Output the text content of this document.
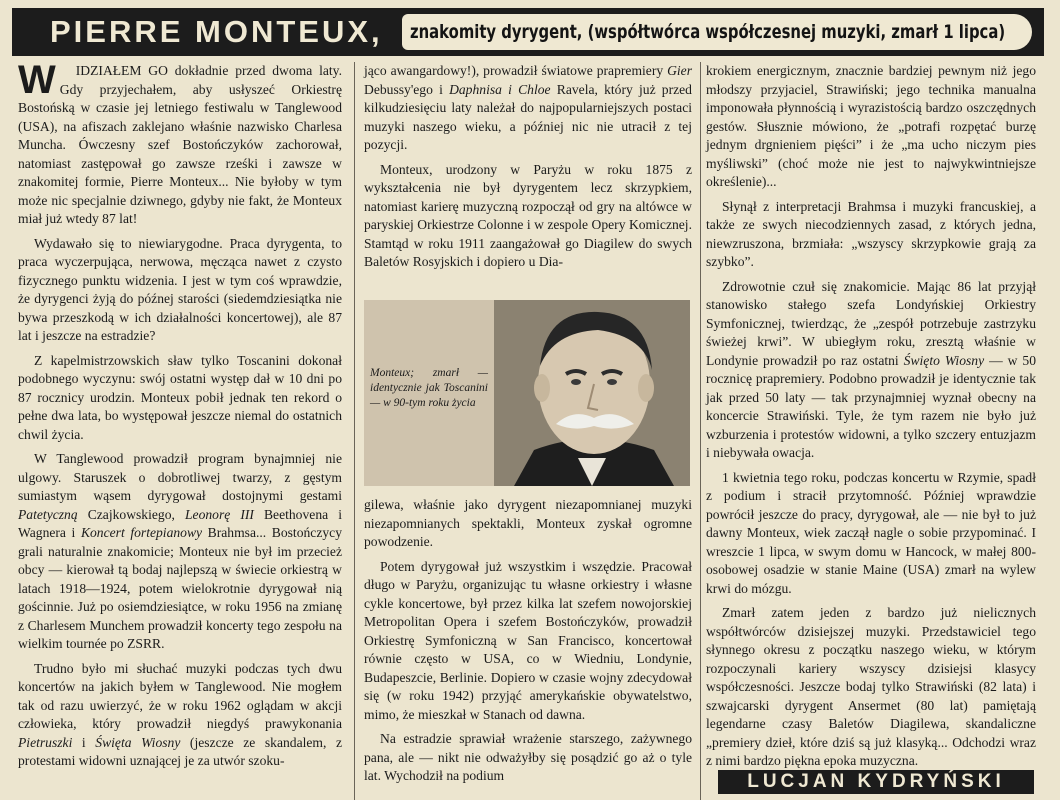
PIERRE MONTEUX,	znakomity dyrygent, (współtwórca współczesnej muzyki, zmarł 1 lipca)

W IDZIAŁEM GO dokładnie przed dwoma laty. Gdy przyjechałem, aby usłyszeć Orkiestrę Bostońską w czasie jej letniego festiwalu w Tanglewood (USA), na afiszach zaklejano właśnie nazwisko Charlesa Muncha. Ówczesny szef Bostończyków zachorował, natomiast zastępował go zawsze rześki i zawsze w znakomitej formie, Pierre Monteux... Nie byłoby w tym może nic specjalnie dziwnego, gdyby nie fakt, że Monteux miał już wtedy 87 lat!

Wydawało się to niewiarygodne. Praca dyrygenta, to praca wyczerpująca, nerwowa, męcząca nawet z czysto fizycznego punktu widzenia. I jest w tym coś wprawdzie, że dyrygenci żyją do późnej starości (siedemdziesiątka nie bywa przeszkodą w ich działalności koncertowej), ale 87 lat i jeszcze na estradzie?

Z kapelmistrzowskich sław tylko Toscanini dokonał podobnego wyczynu: swój ostatni występ dał w 10 dni po 87 rocznicy urodzin. Monteux pobił jednak ten rekord o pełne dwa lata, bo występował jeszcze niemal do ostatnich chwil życia.

W Tanglewood prowadził program bynajmniej nie ulgowy. Staruszek o dobrotliwej twarzy, z gęstym sumiastym wąsem dyrygował dostojnymi gestami Patetyczną Czajkowskiego, Leonorę III Beethovena i Wagnera i Koncert fortepianowy Brahmsa... Bostończycy grali naturalnie znakomicie; Monteux nie był im przecież obcy — kierował tą bodaj najlepszą w świecie orkiestrą w latach 1918—1924, potem wielokrotnie dyrygował nią gościnnie. Już po osiemdziesiątce, w roku 1956 na zmianę z Charlesem Munchem prowadził koncerty tego zespołu na wielkim tournée po ZSRR.

Trudno było mi słuchać muzyki podczas tych dwu koncertów na jakich byłem w Tanglewood. Nie mogłem tak od razu uwierzyć, że w roku 1962 oglądam w akcji człowieka, który prowadził niegdyś prawykonania Pietruszki i Święta Wiosny (jeszcze ze skandalem, z protestami widowni uznającej je za utwór szoku-

jąco awangardowy!), prowadził światowe prapremiery Gier Debussy'ego i Daphnisa i Chloe Ravela, który już przed kilkudziesięciu laty należał do najpopularniejszych postaci muzyki naszego wieku, a później nic nie utracił z tej pozycji.

Monteux, urodzony w Paryżu w roku 1875 z wykształcenia nie był dyrygentem lecz skrzypkiem, natomiast karierę muzyczną rozpoczął od gry na altówce w paryskiej Orkiestrze Colonne i w zespole Opery Komicznej. Stamtąd w roku 1911 zaangażował go Diagilew do swych Baletów Rosyjskich i dopiero u Dia-

Monteux; zmarł — identycznie jak Toscanini — w 90-tym roku życia

gilewa, właśnie jako dyrygent niezapomnianej muzyki niezapomnianych spektakli, Monteux zyskał ogromne powodzenie.

Potem dyrygował już wszystkim i wszędzie. Pracował długo w Paryżu, organizując tu własne orkiestry i własne cykle koncertowe, był przez kilka lat szefem nowojorskiej Metropolitan Opera i szefem Bostończyków, prowadził Orkiestrę Symfoniczną w San Francisco, koncertował równie często w USA, co w Wiedniu, Londynie, Budapeszcie, Berlinie. Dopiero w czasie wojny zdecydował się (w roku 1942) przyjąć amerykańskie obywatelstwo, mimo, że mieszkał w Stanach od dawna.

Na estradzie sprawiał wrażenie starszego, zażywnego pana, ale — nikt nie odważyłby się posądzić go aż o tyle lat. Wychodził na podium

krokiem energicznym, znacznie bardziej pewnym niż jego młodszy przyjaciel, Strawiński; jego technika manualna imponowała płynnością i wyrazistością bardzo oszczędnych gestów. Słusznie mówiono, że „potrafi rozpętać burzę jednym drgnieniem pięści” i że „ma ucho niczym pies myśliwski” (choć może nie jest to najwykwintniejsze określenie)...

Słynął z interpretacji Brahmsa i muzyki francuskiej, a także ze swych niecodziennych zasad, z których jedna, niewzruszona, brzmiała: „wszyscy skrzypkowie grają za szybko”.

Zdrowotnie czuł się znakomicie. Mając 86 lat przyjął stanowisko stałego szefa Londyńskiej Orkiestry Symfonicznej, twierdząc, że „zespół potrzebuje zastrzyku świeżej krwi”. W ubiegłym roku, zresztą właśnie w Londynie prowadził po raz ostatni Święto Wiosny — w 50 rocznicę prapremiery. Podobno prowadził je identycznie tak jak przed 50 laty — tak przynajmniej wyznał obecny na koncercie Strawiński. Tyle, że tym razem nie było już wzburzenia i protestów widowni, a tylko szczery entuzjazm i niebywała owacja.

1 kwietnia tego roku, podczas koncertu w Rzymie, spadł z podium i stracił przytomność. Później wprawdzie powrócił jeszcze do pracy, dyrygował, ale — nie był to już dawny Monteux, wiek zaczął nagle o sobie przypominać. I wreszcie 1 lipca, w swym domu w Hancock, w małej 800-osobowej osadzie w stanie Maine (USA) zmarł na wylew krwi do mózgu.

Zmarł zatem jeden z bardzo już nielicznych współtwórców dzisiejszej muzyki. Przedstawiciel tego słynnego okresu z początku naszego wieku, w którym rozpoczynali kariery wszyscy dzisiejsi klasycy współczesności. Jeszcze bodaj tylko Strawiński (82 lata) i szwajcarski dyrygent Ansermet (80 lat) pamiętają legendarne czasy Baletów Diagilewa, skandaliczne „premiery dzieł, które dziś są już klasyką... Odchodzi wraz z nimi bardzo piękna epoka muzyczna.

LUCJAN KYDRYŃSKI
